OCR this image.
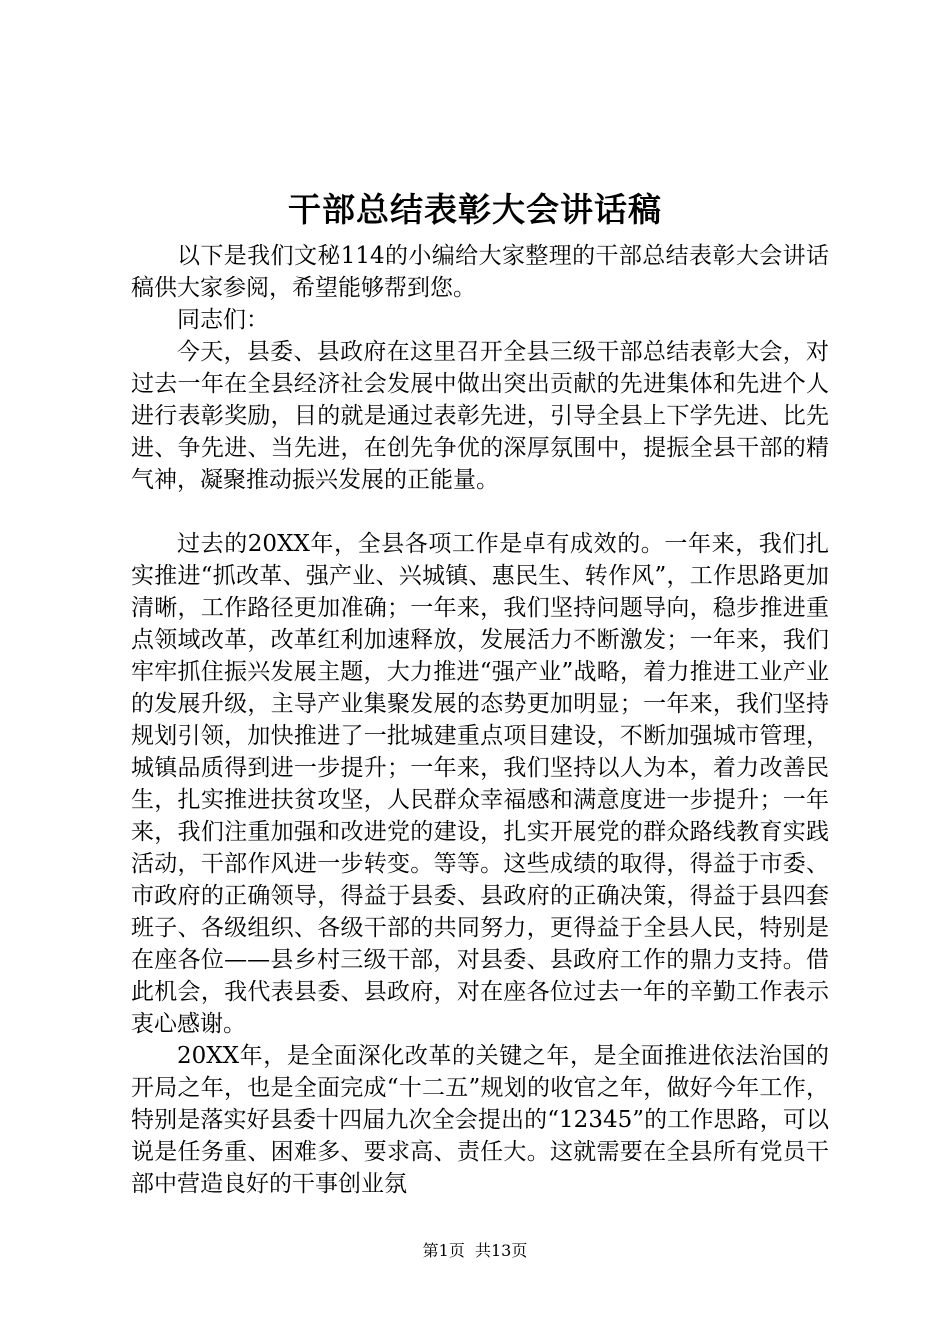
干部总结表彰大会讲话稿

以下是我们文秘114的小编给大家整理的干部总结表彰大会讲话稿供大家参阅，希望能够帮到您。

同志们：

今天，县委、县政府在这里召开全县三级干部总结表彰大会，对过去一年在全县经济社会发展中做出突出贡献的先进集体和先进个人进行表彰奖励，目的就是通过表彰先进，引导全县上下学先进、比先进、争先进、当先进，在创先争优的深厚氛围中，提振全县干部的精气神，凝聚推动振兴发展的正能量。

过去的20XX年，全县各项工作是卓有成效的。一年来，我们扎实推进“抓改革、强产业、兴城镇、惠民生、转作风”，工作思路更加清晰，工作路径更加准确；一年来，我们坚持问题导向，稳步推进重点领域改革，改革红利加速释放，发展活力不断激发；一年来，我们牢牢抓住振兴发展主题，大力推进“强产业”战略，着力推进工业产业的发展升级，主导产业集聚发展的态势更加明显；一年来，我们坚持规划引领，加快推进了一批城建重点项目建设，不断加强城市管理，城镇品质得到进一步提升；一年来，我们坚持以人为本，着力改善民生，扎实推进扶贫攻坚，人民群众幸福感和满意度进一步提升；一年来，我们注重加强和改进党的建设，扎实开展党的群众路线教育实践活动，干部作风进一步转变。等等。这些成绩的取得，得益于市委、市政府的正确领导，得益于县委、县政府的正确决策，得益于县四套班子、各级组织、各级干部的共同努力，更得益于全县人民，特别是在座各位——县乡村三级干部，对县委、县政府工作的鼎力支持。借此机会，我代表县委、县政府，对在座各位过去一年的辛勤工作表示衷心感谢。

20XX年，是全面深化改革的关键之年，是全面推进依法治国的开局之年，也是全面完成“十二五”规划的收官之年，做好今年工作，特别是落实好县委十四届九次全会提出的“12345”的工作思路，可以说是任务重、困难多、要求高、责任大。这就需要在全县所有党员干部中营造良好的干事创业氛

第1页  共13页
